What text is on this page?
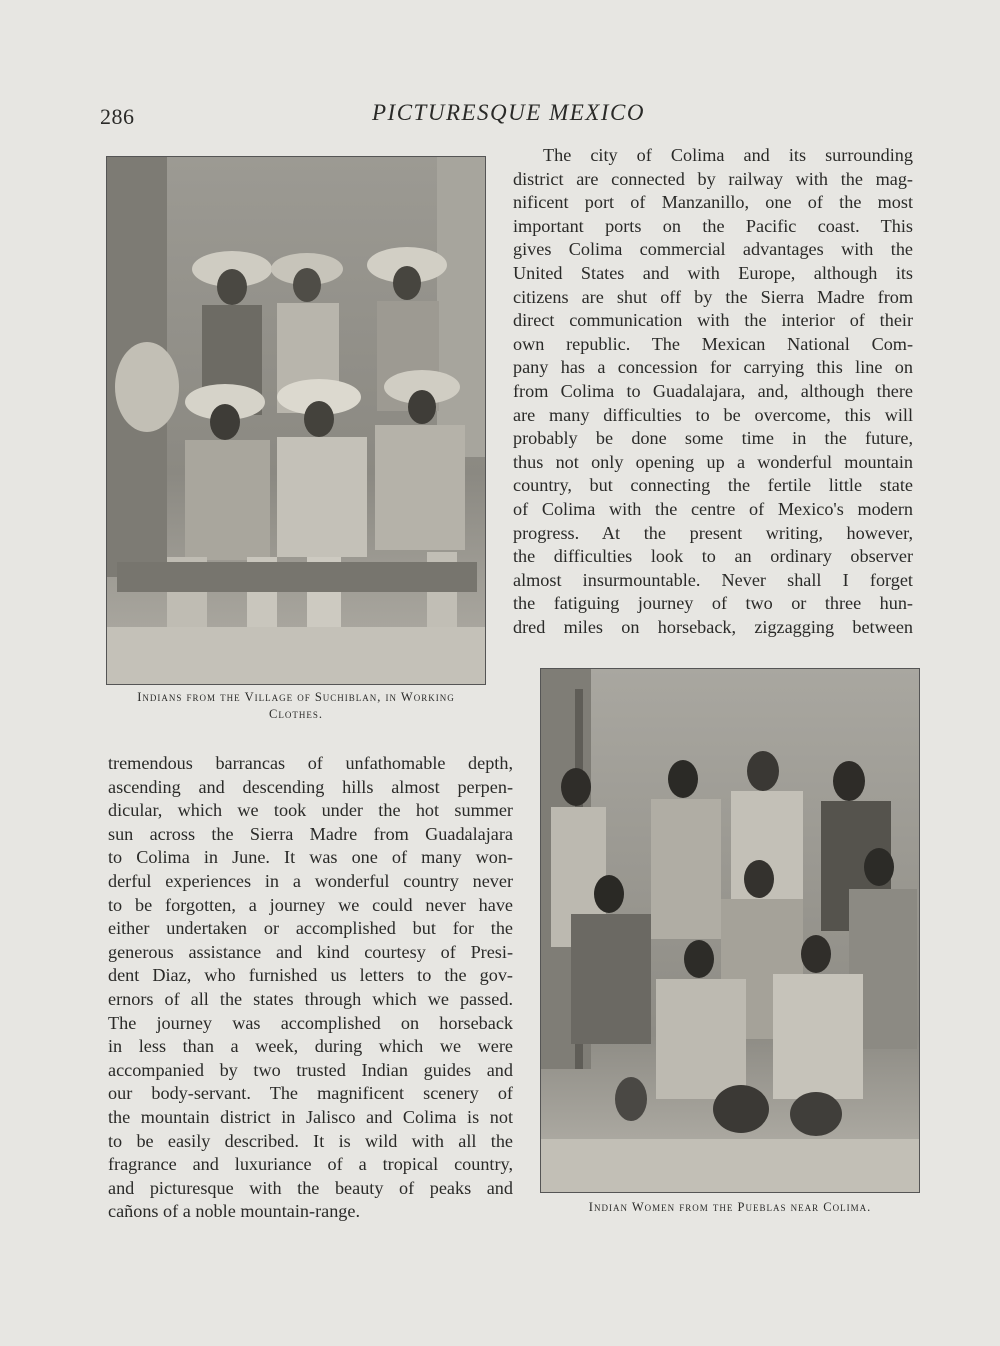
286	PICTURESQUE MEXICO
Indians from the Village of Suchiblan, in Working
Clothes.
Indian Women from the Pueblas near Colima.
The city of Colima and its surrounding
district are connected by railway with the mag-
nificent port of Manzanillo, one of the most
important ports on the Pacific coast. This
gives Colima commercial advantages with the
United States and with Europe, although its
citizens are shut off by the Sierra Madre from
direct communication with the interior of their
own republic. The Mexican National Com-
pany has a concession for carrying this line on
from Colima to Guadalajara, and, although there
are many difficulties to be overcome, this will
probably be done some time in the future,
thus not only opening up a wonderful mountain
country, but connecting the fertile little state
of Colima with the centre of Mexico's modern
progress. At the present writing, however,
the difficulties look to an ordinary observer
almost insurmountable. Never shall I forget
the fatiguing journey of two or three hun-
dred miles on horseback, zigzagging between
tremendous barrancas of unfathomable depth,
ascending and descending hills almost perpen-
dicular, which we took under the hot summer
sun across the Sierra Madre from Guadalajara
to Colima in June. It was one of many won-
derful experiences in a wonderful country never
to be forgotten, a journey we could never have
either undertaken or accomplished but for the
generous assistance and kind courtesy of Presi-
dent Diaz, who furnished us letters to the gov-
ernors of all the states through which we passed.
The journey was accomplished on horseback
in less than a week, during which we were
accompanied by two trusted Indian guides and
our body-servant. The magnificent scenery of
the mountain district in Jalisco and Colima is not
to be easily described. It is wild with all the
fragrance and luxuriance of a tropical country,
and picturesque with the beauty of peaks and
cañons of a noble mountain-range.
